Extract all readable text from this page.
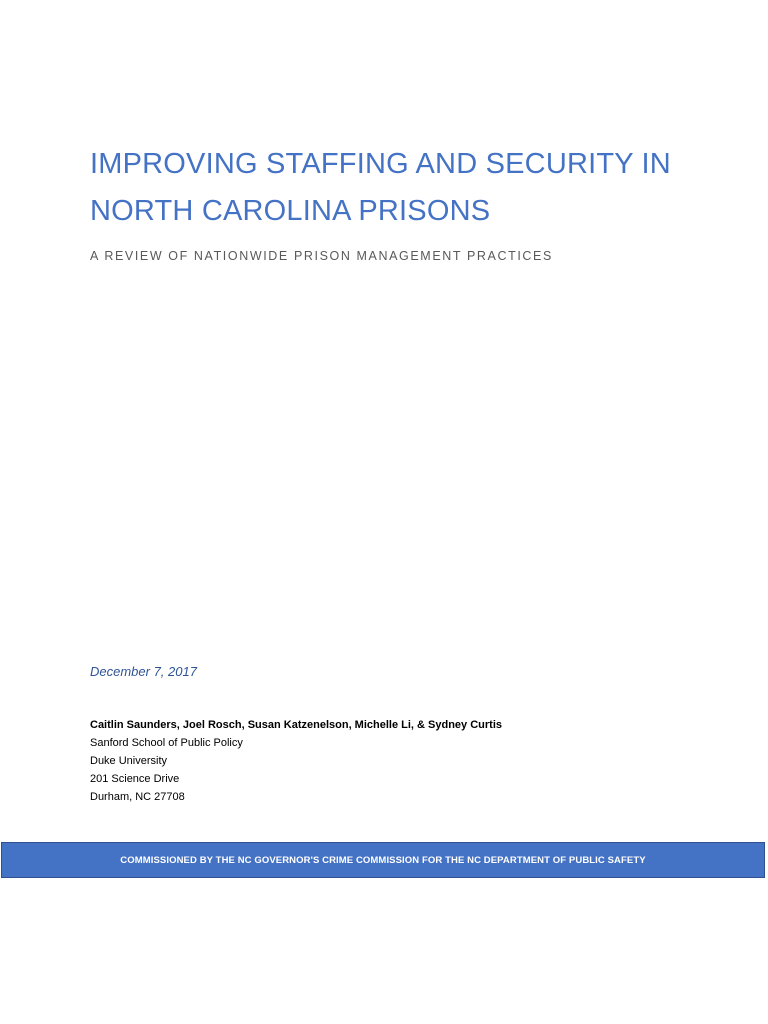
IMPROVING STAFFING AND SECURITY IN
NORTH CAROLINA PRISONS

A REVIEW OF NATIONWIDE PRISON MANAGEMENT PRACTICES

December 7, 2017

Caitlin Saunders, Joel Rosch, Susan Katzenelson, Michelle Li, & Sydney Curtis
Sanford School of Public Policy
Duke University
201 Science Drive
Durham, NC 27708
COMMISSIONED BY THE NC GOVERNOR'S CRIME COMMISSION FOR THE NC DEPARTMENT OF PUBLIC SAFETY
